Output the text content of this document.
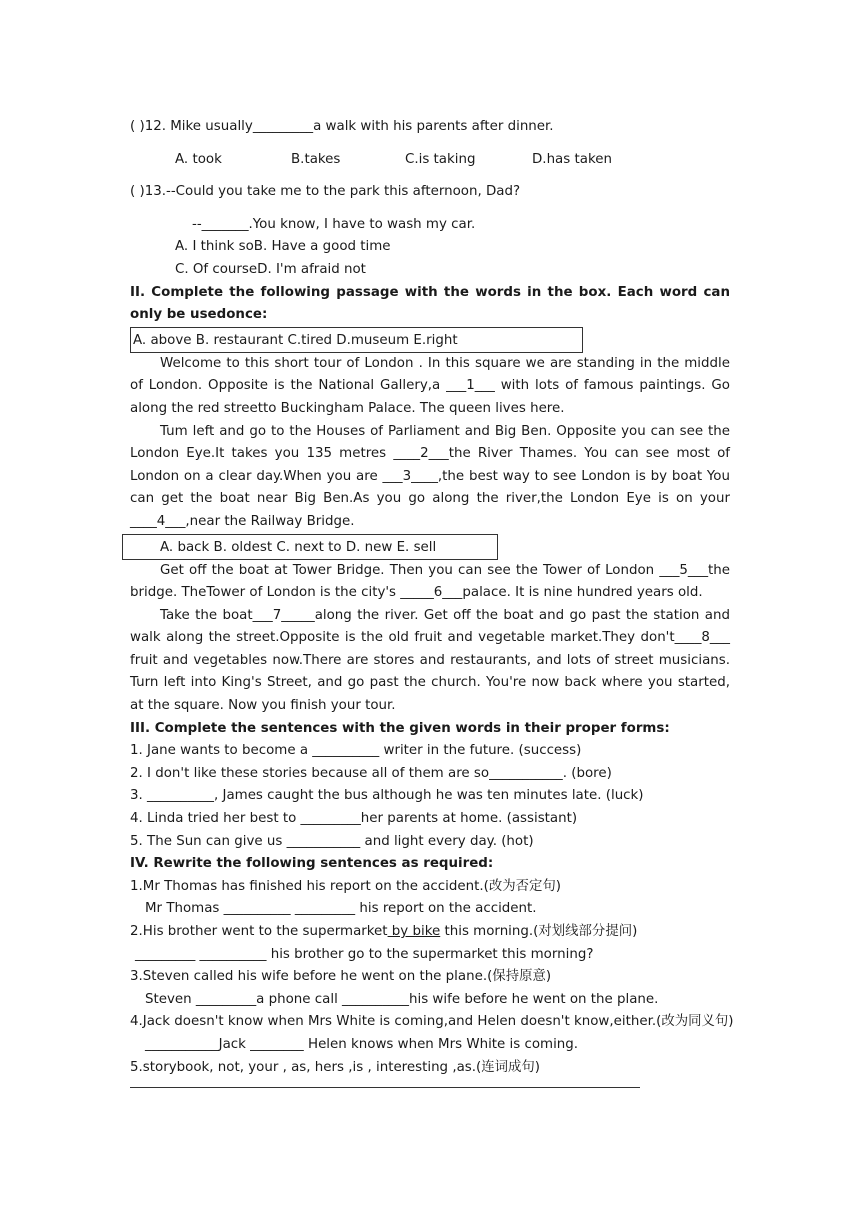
( )12. Mike usually_________a walk with his parents after dinner.
A. took	B.takes	C.is taking	D.has taken
( )13.--Could you take me to the park this afternoon, Dad?
--_______.You know, I have to wash my car.
A. I think soB. Have a good time
C. Of courseD. I'm afraid not
II. Complete the following passage with the words in the box. Each word can only be usedonce:
A. above B. restaurant C.tired D.museum E.right
Welcome to this short tour of London . In this square we are standing in the middle of London. Opposite is the National Gallery,a ___1___ with lots of famous paintings. Go along the red streetto Buckingham Palace. The queen lives here.
Tum left and go to the Houses of Parliament and Big Ben. Opposite you can see the London Eye.It takes you 135 metres ____2___the River Thames. You can see most of London on a clear day.When you are ___3____,the best way to see London is by boat You can get the boat near Big Ben.As you go along the river,the London Eye is on your ____4___,near the Railway Bridge.
A. back B. oldest C. next to D. new E. sell
Get off the boat at Tower Bridge. Then you can see the Tower of London ___5___the bridge. TheTower of London is the city's _____6___palace. It is nine hundred years old.
Take the boat___7_____along the river. Get off the boat and go past the station and walk along the street.Opposite is the old fruit and vegetable market.They don't____8___ fruit and vegetables now.There are stores and restaurants, and lots of street musicians. Turn left into King's Street, and go past the church. You're now back where you started, at the square. Now you finish your tour.
III. Complete the sentences with the given words in their proper forms:
1. Jane wants to become a __________ writer in the future. (success)
2. I don't like these stories because all of them are so___________. (bore)
3. __________, James caught the bus although he was ten minutes late. (luck)
4. Linda tried her best to _________her parents at home. (assistant)
5. The Sun can give us ___________ and light every day. (hot)
IV. Rewrite the following sentences as required:
1.Mr Thomas has finished his report on the accident.(改为否定句)
Mr Thomas __________ _________ his report on the accident.
2.His brother went to the supermarket by bike this morning.(对划线部分提问)
_________ __________ his brother go to the supermarket this morning?
3.Steven called his wife before he went on the plane.(保持原意)
Steven _________a phone call __________his wife before he went on the plane.
4.Jack doesn't know when Mrs White is coming,and Helen doesn't know,either.(改为同义句)
___________Jack ________ Helen knows when Mrs White is coming.
5.storybook, not, your , as, hers ,is , interesting ,as.(连词成句)
